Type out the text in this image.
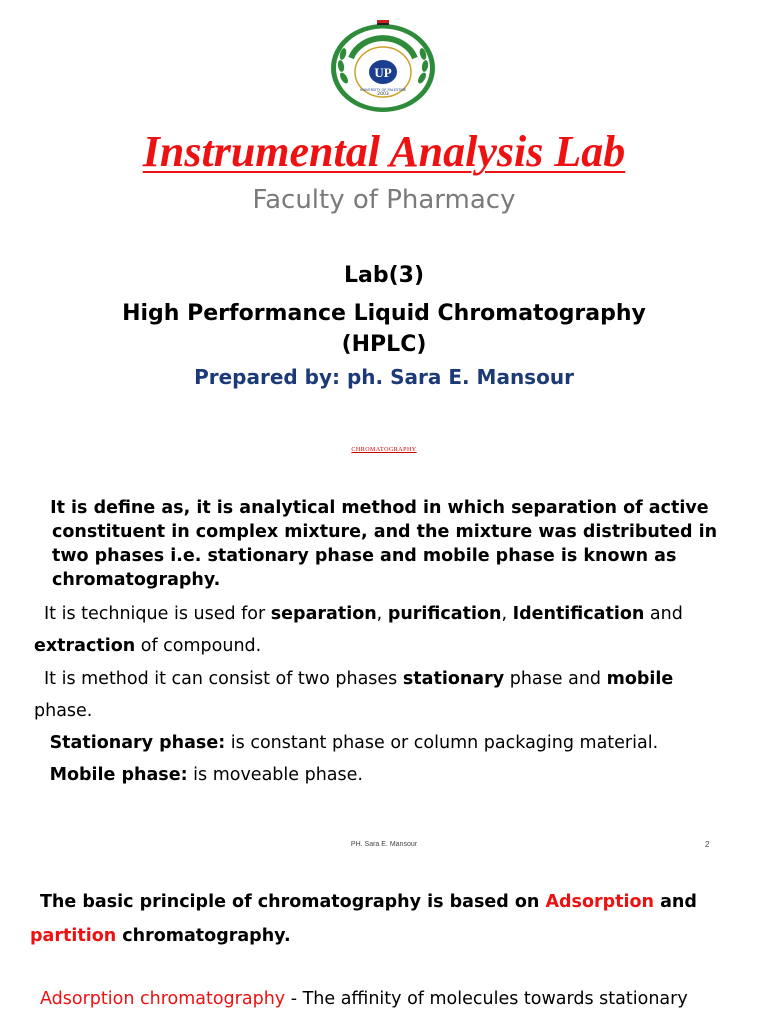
UP
2003
UNIVERSITY OF PALESTINE
Instrumental Analysis Lab
Faculty of Pharmacy
Lab(3)
High Performance Liquid Chromatography
(HPLC)
Prepared by: ph. Sara E. Mansour
CHROMATOGRAPHY
It is define as, it is analytical method in which separation of active constituent in complex mixture, and the mixture was distributed in two phases i.e. stationary phase and mobile phase is known as chromatography.
It is technique is used for separation, purification, Identification and
extraction of compound.
It is method it can consist of two phases stationary phase and mobile
phase.
Stationary phase: is constant phase or column packaging material.
Mobile phase: is moveable phase.
PH. Sara E. Mansour	2
The basic principle of chromatography is based on Adsorption and
partition chromatography.
Adsorption chromatography - The affinity of molecules towards stationary
